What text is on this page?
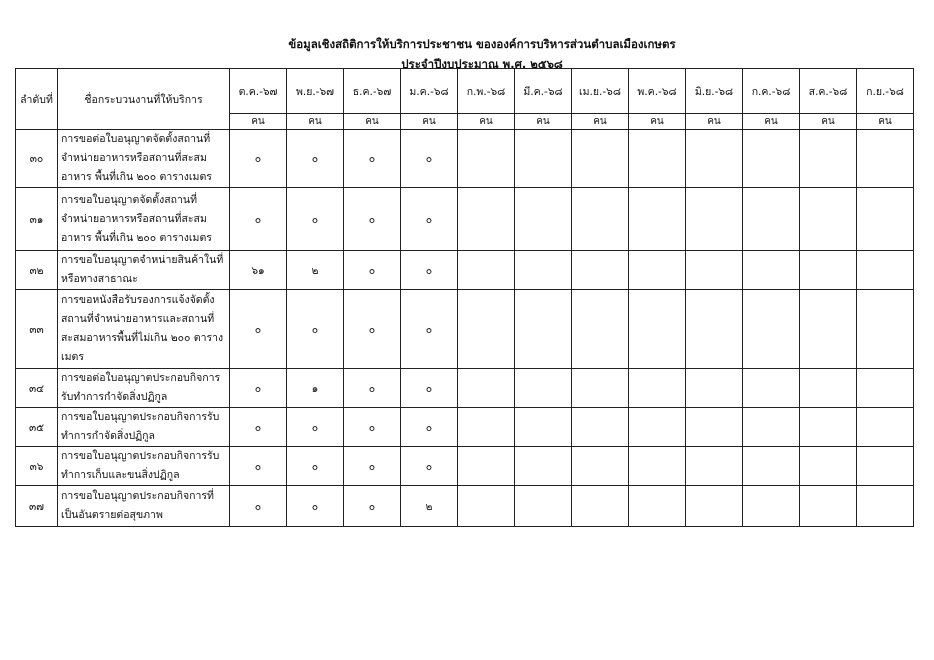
ข้อมูลเชิงสถิติการให้บริการประชาชน ขององค์การบริหารส่วนตำบลเมืองเกษตร
ประจำปีงบประมาณ พ.ศ. ๒๕๖๘
ลำดับที่	ชื่อกระบวนงานที่ให้บริการ	ต.ค.-๖๗	พ.ย.-๖๗	ธ.ค.-๖๗	ม.ค.-๖๘	ก.พ.-๖๘	มี.ค.-๖๘	เม.ย.-๖๘	พ.ค.-๖๘	มิ.ย.-๖๘	ก.ค.-๖๘	ส.ค.-๖๘	ก.ย.-๖๘
		คน	คน	คน	คน	คน	คน	คน	คน	คน	คน	คน	คน
๓๐	การขอต่อใบอนุญาตจัดตั้งสถานที่จำหน่ายอาหารหรือสถานที่สะสมอาหาร พื้นที่เกิน ๒๐๐ ตารางเมตร	๐	๐	๐	๐								
๓๑	การขอใบอนุญาตจัดตั้งสถานที่จำหน่ายอาหารหรือสถานที่สะสมอาหาร พื้นที่เกิน ๒๐๐ ตารางเมตร	๐	๐	๐	๐								
๓๒	การขอใบอนุญาตจำหน่ายสินค้าในที่หรือทางสาธาณะ	๖๑	๒	๐	๐								
๓๓	การขอหนังสือรับรองการแจ้งจัดตั้งสถานที่จำหน่ายอาหารและสถานที่สะสมอาหารพื้นที่ไม่เกิน ๒๐๐ ตารางเมตร	๐	๐	๐	๐								
๓๔	การขอต่อใบอนุญาตประกอบกิจการรับทำการกำจัดสิ่งปฏิกูล	๐	๑	๐	๐								
๓๕	การขอใบอนุญาตประกอบกิจการรับทำการกำจัดสิ่งปฏิกูล	๐	๐	๐	๐								
๓๖	การขอใบอนุญาตประกอบกิจการรับทำการเก็บและขนสิ่งปฏิกูล	๐	๐	๐	๐								
๓๗	การขอใบอนุญาตประกอบกิจการที่เป็นอันตรายต่อสุขภาพ	๐	๐	๐	๒								
